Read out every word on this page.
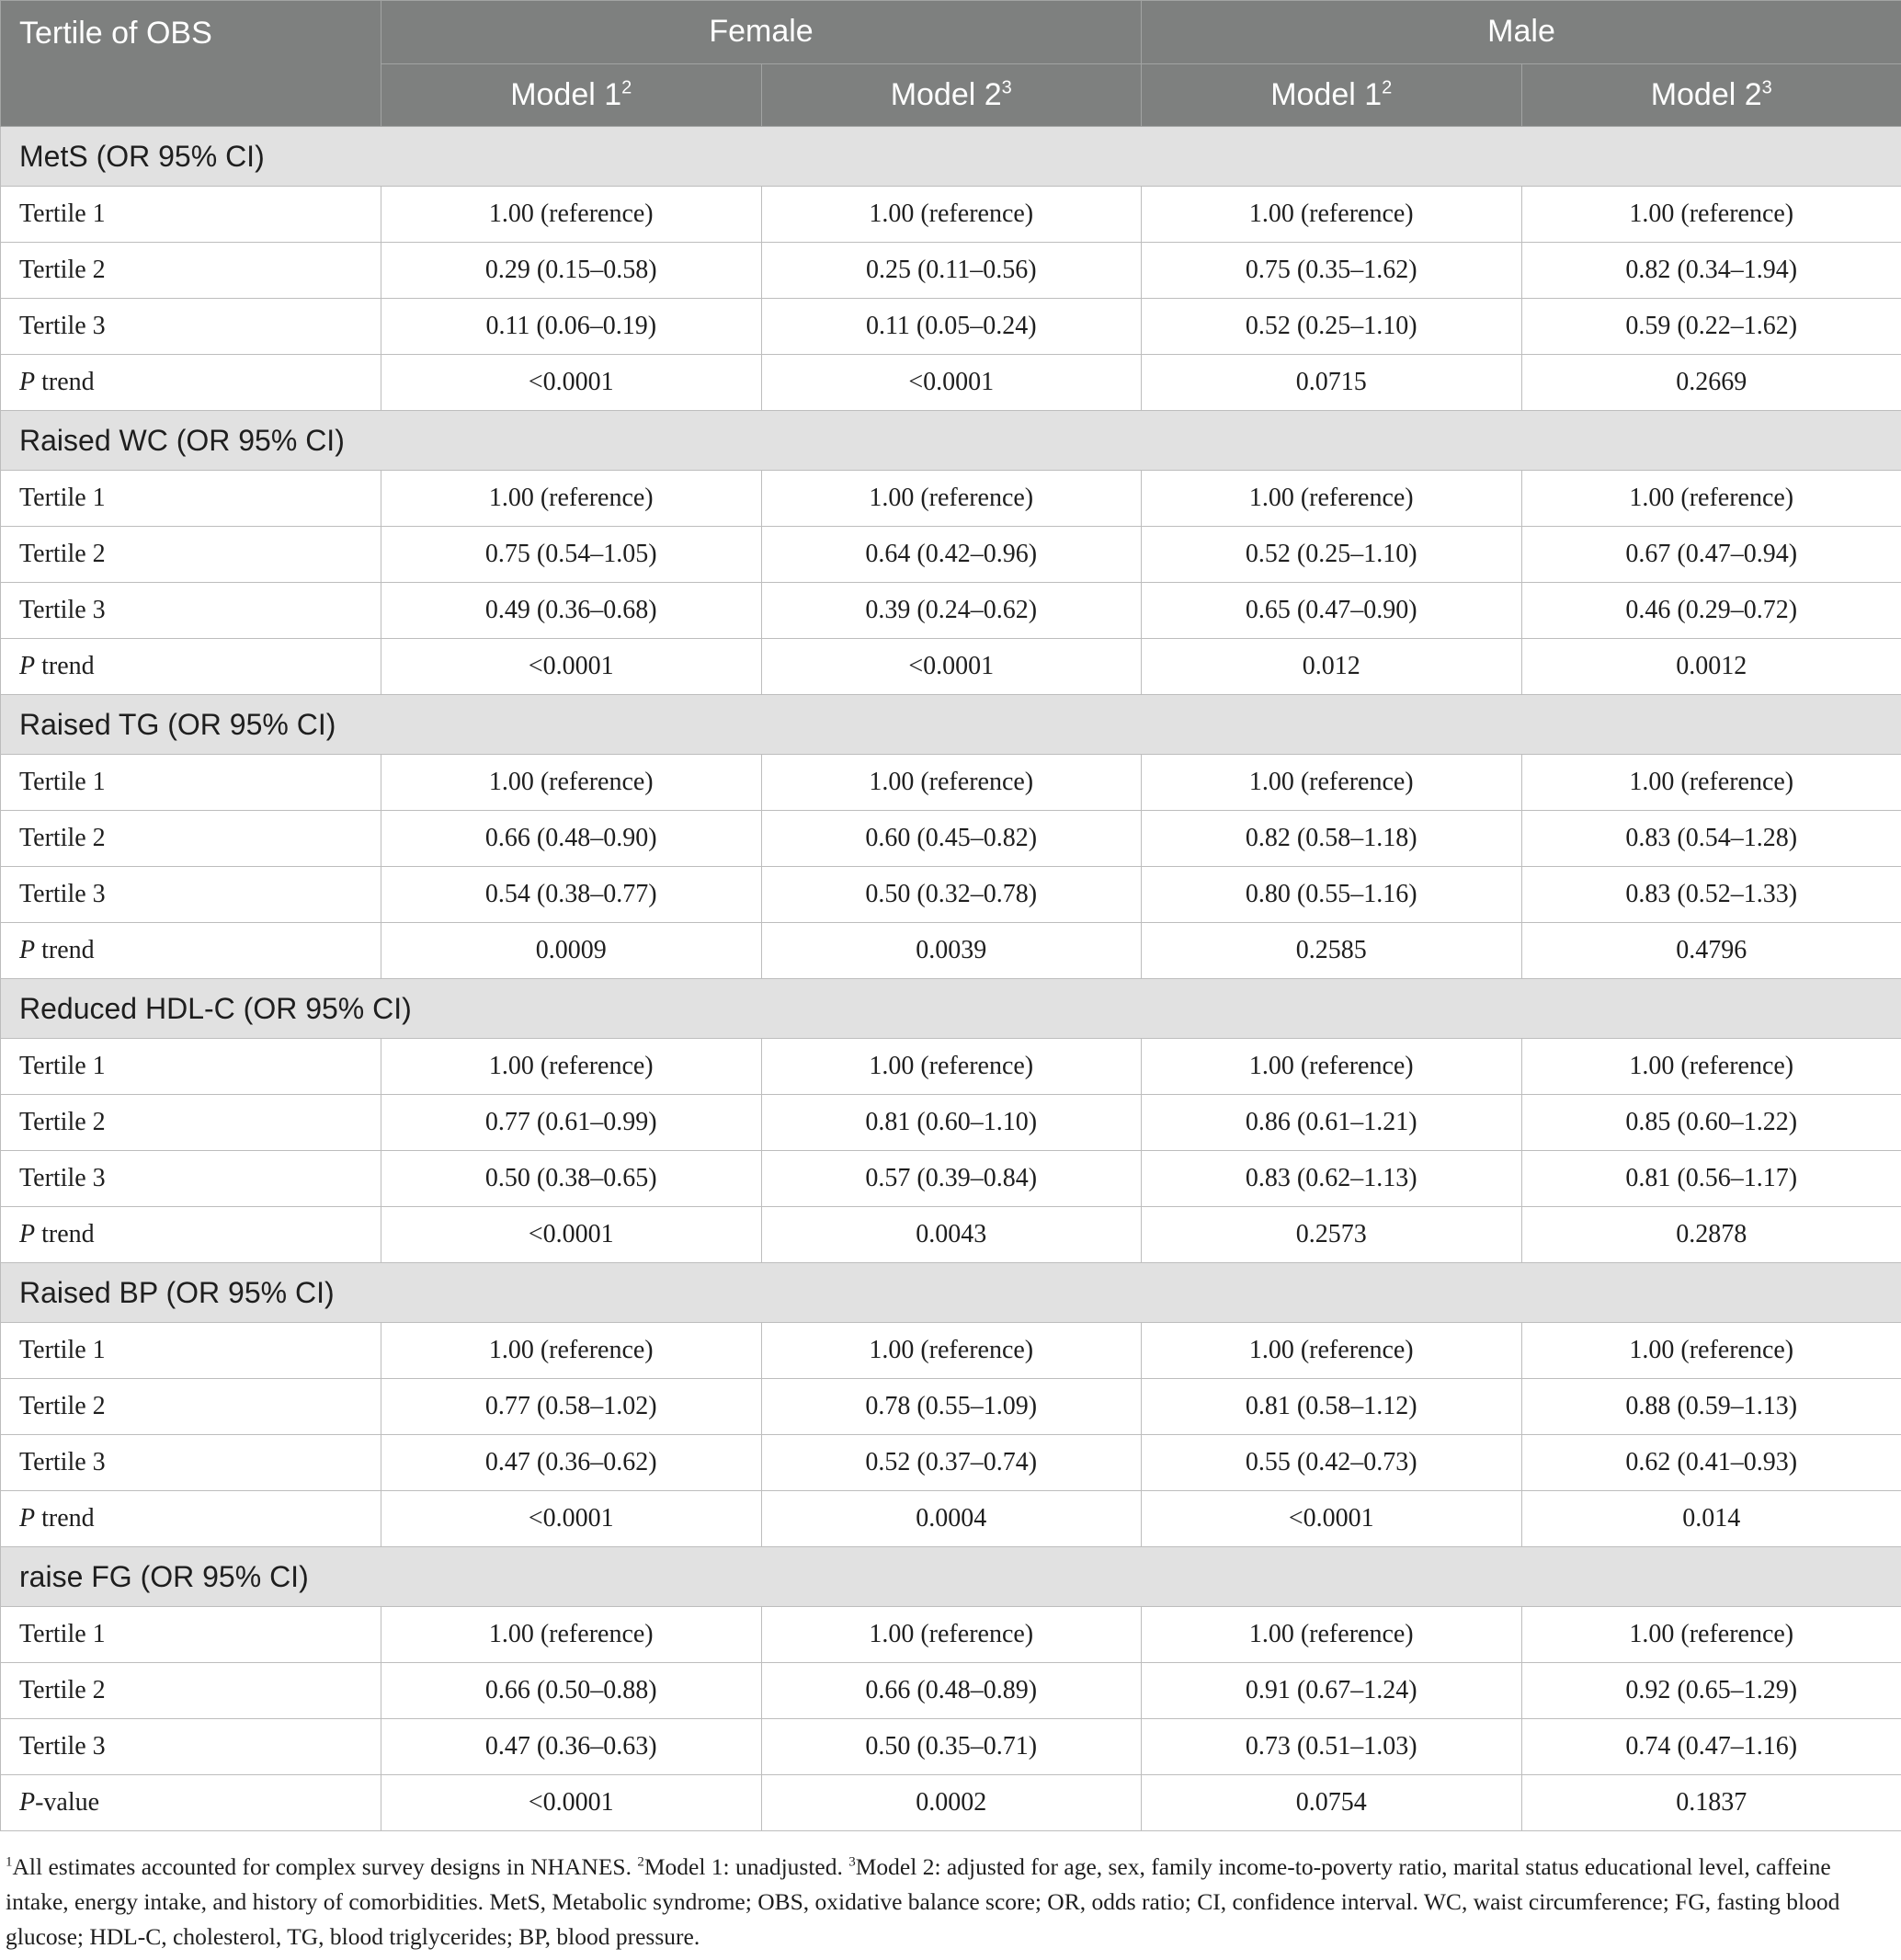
Tertile of OBS	Female		Male	
	Model $1^2$	Model $2^3$	Model $1^2$	Model $2^3$
MetS (OR 95% CI)				
Tertile 1	1.00 (reference)	1.00 (reference)	1.00 (reference)	1.00 (reference)
Tertile 2	0.29 (0.15–0.58)	0.25 (0.11–0.56)	0.75 (0.35–1.62)	0.82 (0.34–1.94)
Tertile 3	0.11 (0.06–0.19)	0.11 (0.05–0.24)	0.52 (0.25–1.10)	0.59 (0.22–1.62)
P trend	<0.0001	<0.0001	0.0715	0.2669
Raised WC (OR 95% CI)				
Tertile 1	1.00 (reference)	1.00 (reference)	1.00 (reference)	1.00 (reference)
Tertile 2	0.75 (0.54–1.05)	0.64 (0.42–0.96)	0.52 (0.25–1.10)	0.67 (0.47–0.94)
Tertile 3	0.49 (0.36–0.68)	0.39 (0.24–0.62)	0.65 (0.47–0.90)	0.46 (0.29–0.72)
P trend	<0.0001	<0.0001	0.012	0.0012
Raised TG (OR 95% CI)				
Tertile 1	1.00 (reference)	1.00 (reference)	1.00 (reference)	1.00 (reference)
Tertile 2	0.66 (0.48–0.90)	0.60 (0.45–0.82)	0.82 (0.58–1.18)	0.83 (0.54–1.28)
Tertile 3	0.54 (0.38–0.77)	0.50 (0.32–0.78)	0.80 (0.55–1.16)	0.83 (0.52–1.33)
P trend	0.0009	0.0039	0.2585	0.4796
Reduced HDL-C (OR 95% CI)				
Tertile 1	1.00 (reference)	1.00 (reference)	1.00 (reference)	1.00 (reference)
Tertile 2	0.77 (0.61–0.99)	0.81 (0.60–1.10)	0.86 (0.61–1.21)	0.85 (0.60–1.22)
Tertile 3	0.50 (0.38–0.65)	0.57 (0.39–0.84)	0.83 (0.62–1.13)	0.81 (0.56–1.17)
P trend	<0.0001	0.0043	0.2573	0.2878
Raised BP (OR 95% CI)				
Tertile 1	1.00 (reference)	1.00 (reference)	1.00 (reference)	1.00 (reference)
Tertile 2	0.77 (0.58–1.02)	0.78 (0.55–1.09)	0.81 (0.58–1.12)	0.88 (0.59–1.13)
Tertile 3	0.47 (0.36–0.62)	0.52 (0.37–0.74)	0.55 (0.42–0.73)	0.62 (0.41–0.93)
P trend	<0.0001	0.0004	<0.0001	0.014
raise FG (OR 95% CI)				
Tertile 1	1.00 (reference)	1.00 (reference)	1.00 (reference)	1.00 (reference)
Tertile 2	0.66 (0.50–0.88)	0.66 (0.48–0.89)	0.91 (0.67–1.24)	0.92 (0.65–1.29)
Tertile 3	0.47 (0.36–0.63)	0.50 (0.35–0.71)	0.73 (0.51–1.03)	0.74 (0.47–1.16)
P-value	<0.0001	0.0002	0.0754	0.1837
$^1$All estimates accounted for complex survey designs in NHANES. $^2$Model 1: unadjusted. $^3$Model 2: adjusted for age, sex, family income-to-poverty ratio, marital status educational level, caffeine intake, energy intake, and history of comorbidities. MetS, Metabolic syndrome; OBS, oxidative balance score; OR, odds ratio; CI, confidence interval. WC, waist circumference; FG, fasting blood glucose; HDL-C, cholesterol, TG, blood triglycerides; BP, blood pressure.
